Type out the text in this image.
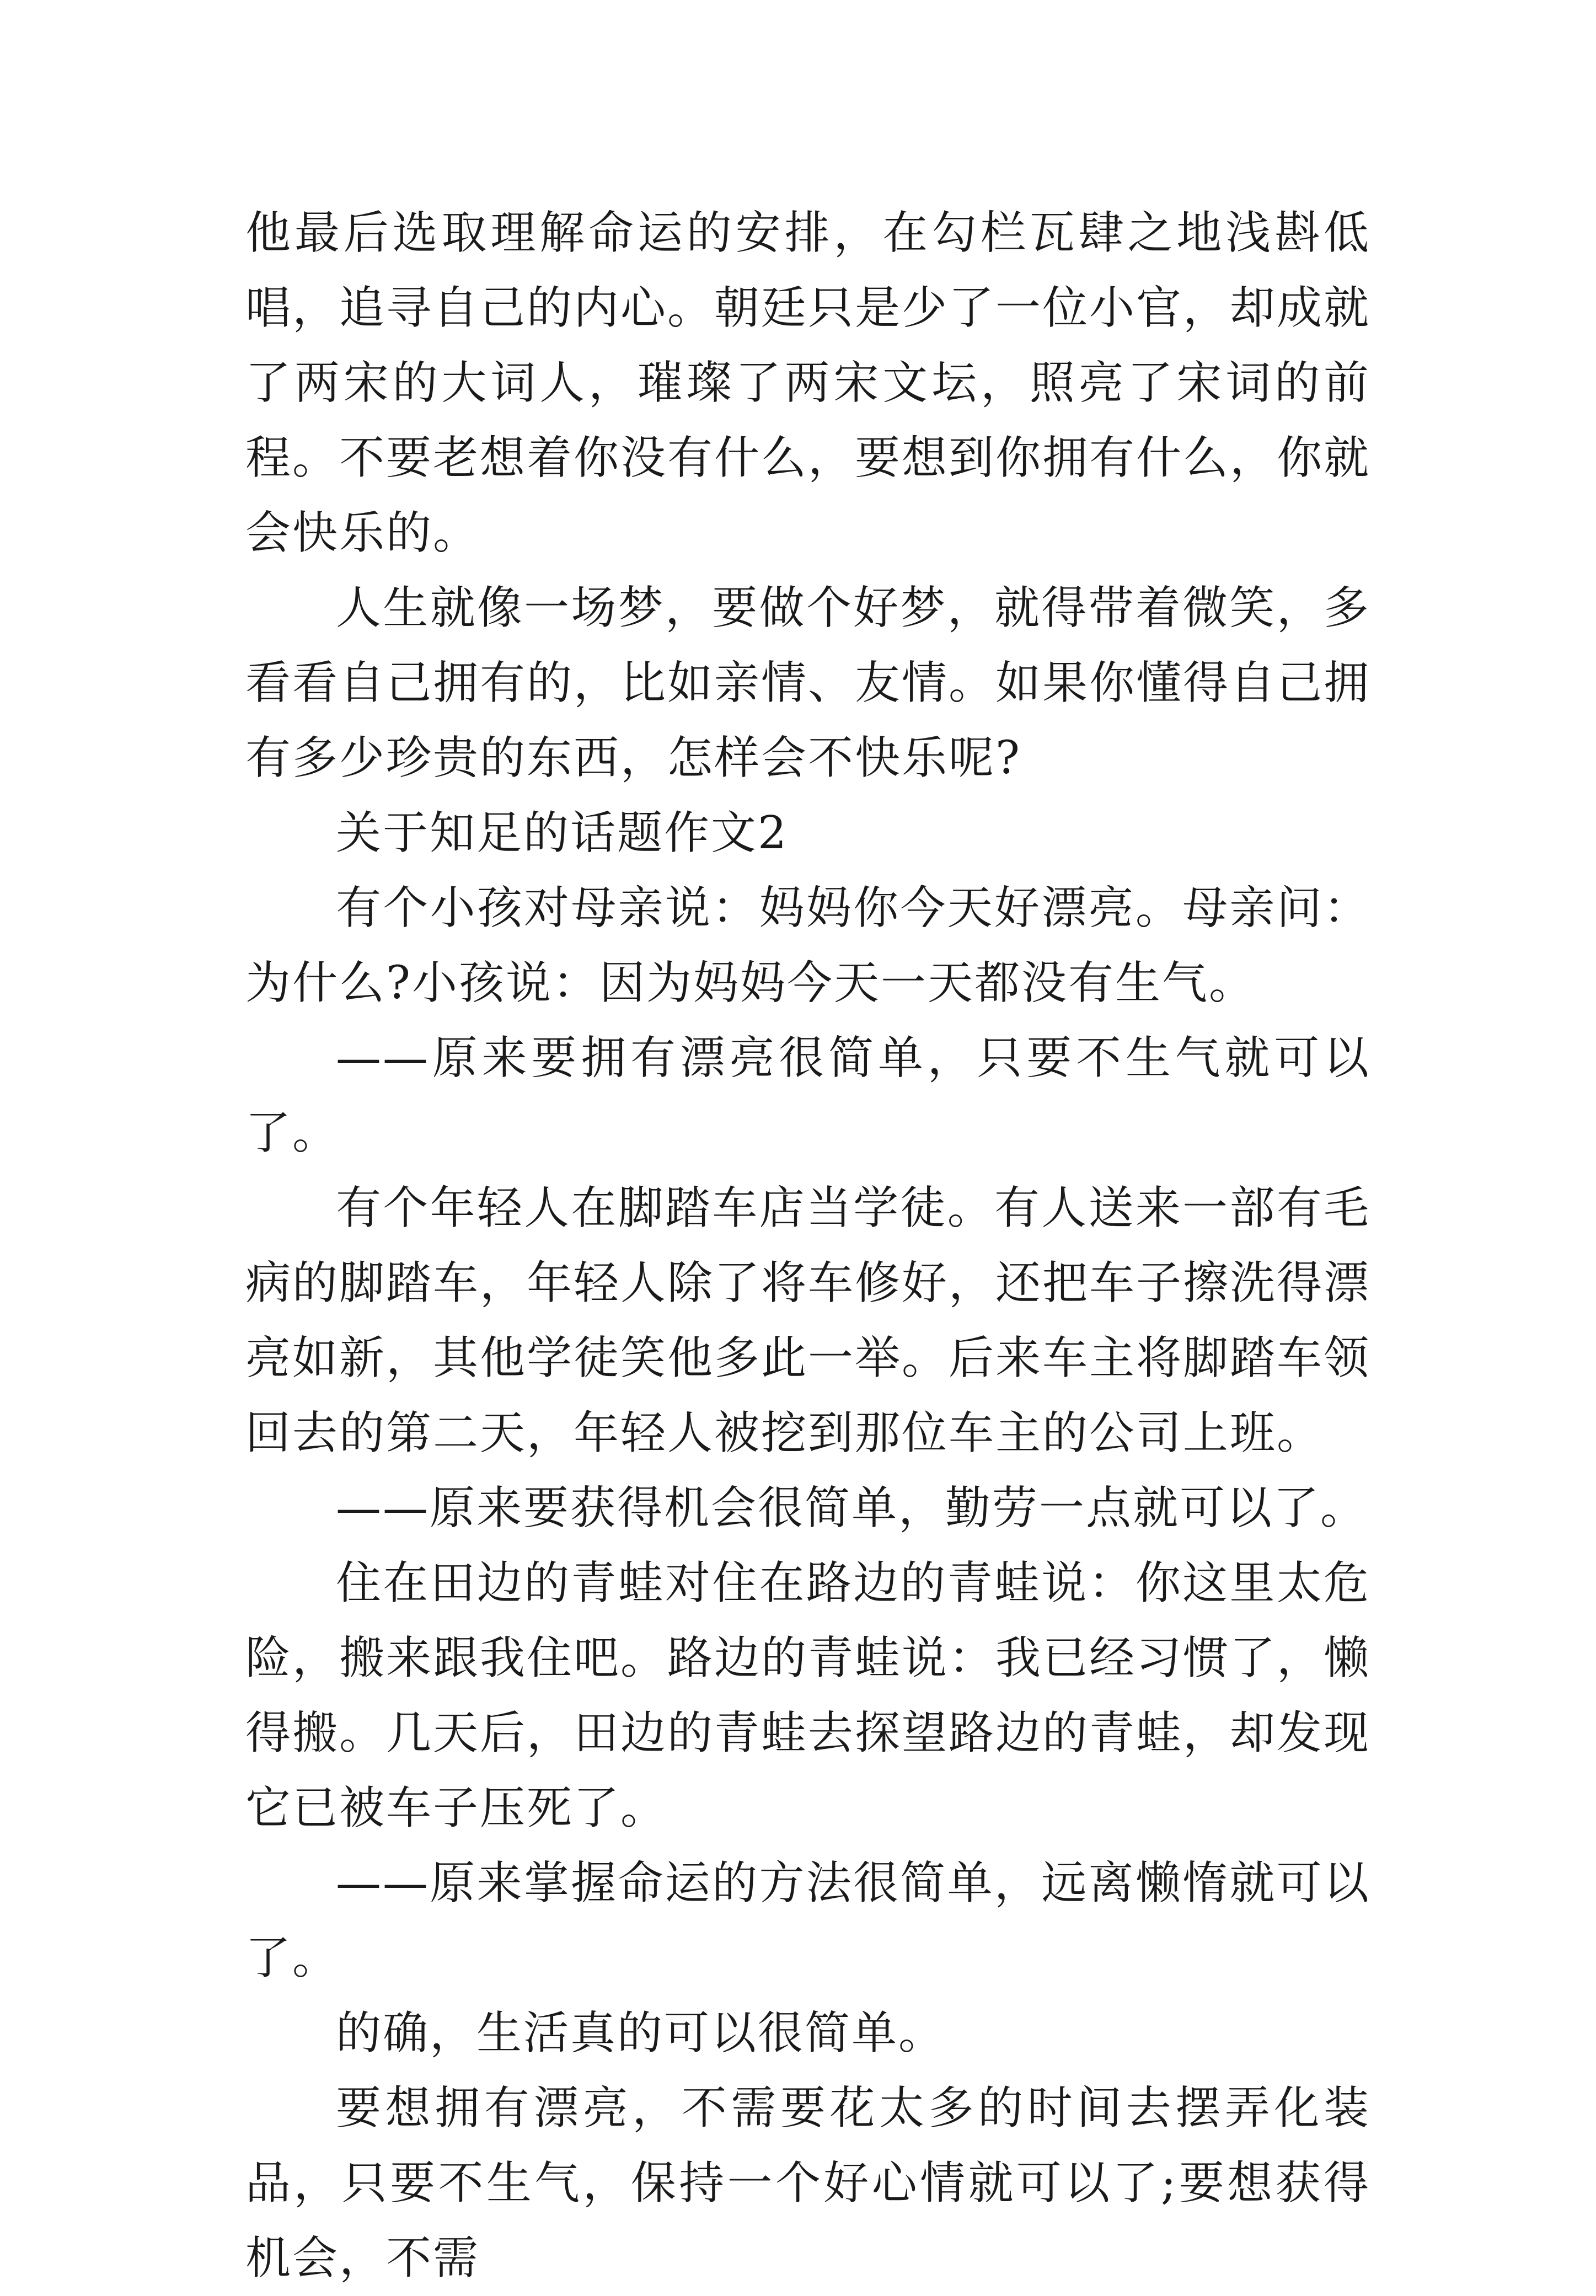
他最后选取理解命运的安排，在勾栏瓦肆之地浅斟低唱，追寻自己的内心。朝廷只是少了一位小官，却成就了两宋的大词人，璀璨了两宋文坛，照亮了宋词的前程。不要老想着你没有什么，要想到你拥有什么，你就会快乐的。

人生就像一场梦，要做个好梦，就得带着微笑，多看看自己拥有的，比如亲情、友情。如果你懂得自己拥有多少珍贵的东西，怎样会不快乐呢?

关于知足的话题作文2

有个小孩对母亲说：妈妈你今天好漂亮。母亲问：为什么?小孩说：因为妈妈今天一天都没有生气。

——原来要拥有漂亮很简单，只要不生气就可以了。

有个年轻人在脚踏车店当学徒。有人送来一部有毛病的脚踏车，年轻人除了将车修好，还把车子擦洗得漂亮如新，其他学徒笑他多此一举。后来车主将脚踏车领回去的第二天，年轻人被挖到那位车主的公司上班。

——原来要获得机会很简单，勤劳一点就可以了。

住在田边的青蛙对住在路边的青蛙说：你这里太危险，搬来跟我住吧。路边的青蛙说：我已经习惯了，懒得搬。几天后，田边的青蛙去探望路边的青蛙，却发现它已被车子压死了。

——原来掌握命运的方法很简单，远离懒惰就可以了。

的确，生活真的可以很简单。

要想拥有漂亮，不需要花太多的时间去摆弄化装品，只要不生气，保持一个好心情就可以了;要想获得机会，不需
